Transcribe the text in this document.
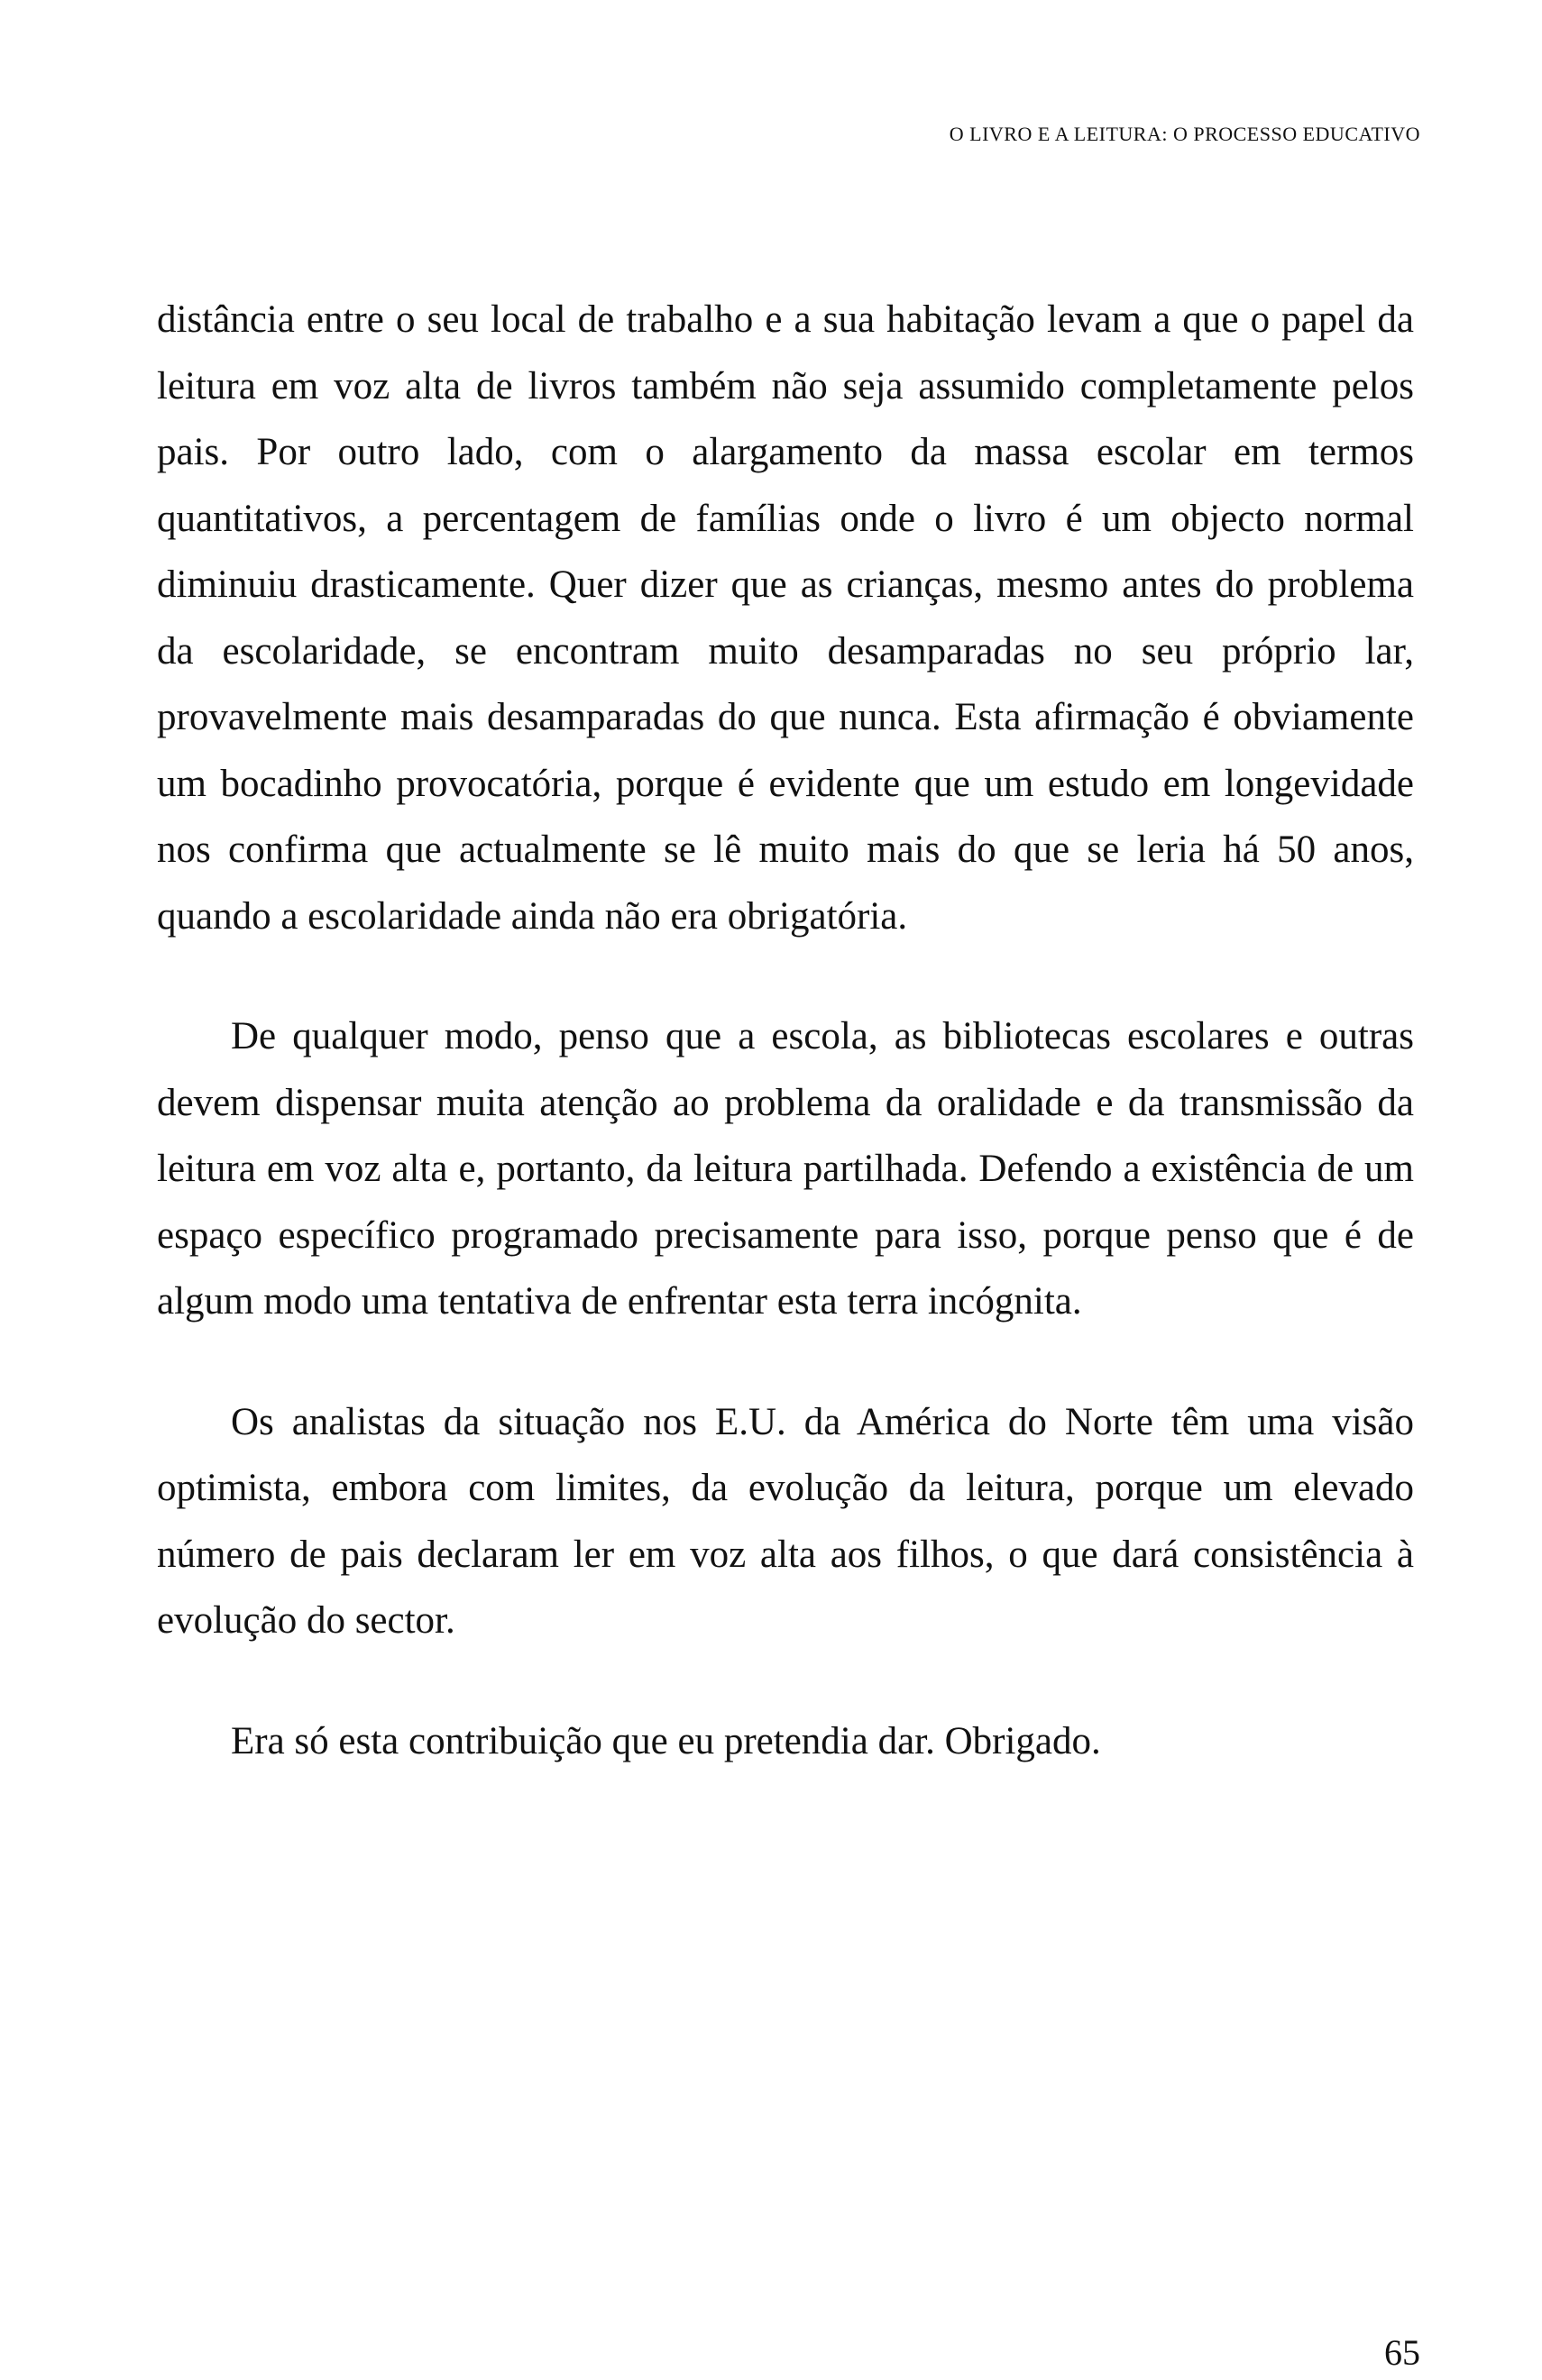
O LIVRO E A LEITURA: O PROCESSO EDUCATIVO

distância entre o seu local de trabalho e a sua habitação levam a que o papel da leitura em voz alta de livros também não seja assumido completamente pelos pais. Por outro lado, com o alargamento da massa escolar em termos quantitativos, a percentagem de famílias onde o livro é um objecto normal diminuiu drasticamente. Quer dizer que as crianças, mesmo antes do problema da escolaridade, se encontram muito desamparadas no seu próprio lar, provavelmente mais desamparadas do que nunca. Esta afirmação é obviamente um bocadinho provocatória, porque é evidente que um estudo em longevidade nos confirma que actualmente se lê muito mais do que se leria há 50 anos, quando a escolaridade ainda não era obrigatória.

De qualquer modo, penso que a escola, as bibliotecas escolares e outras devem dispensar muita atenção ao problema da oralidade e da transmissão da leitura em voz alta e, portanto, da leitura partilhada. Defendo a existência de um espaço específico programado precisamente para isso, porque penso que é de algum modo uma tentativa de enfrentar esta terra incógnita.

Os analistas da situação nos E.U. da América do Norte têm uma visão optimista, embora com limites, da evolução da leitura, porque um elevado número de pais declaram ler em voz alta aos filhos, o que dará consistência à evolução do sector.

Era só esta contribuição que eu pretendia dar. Obrigado.

65
